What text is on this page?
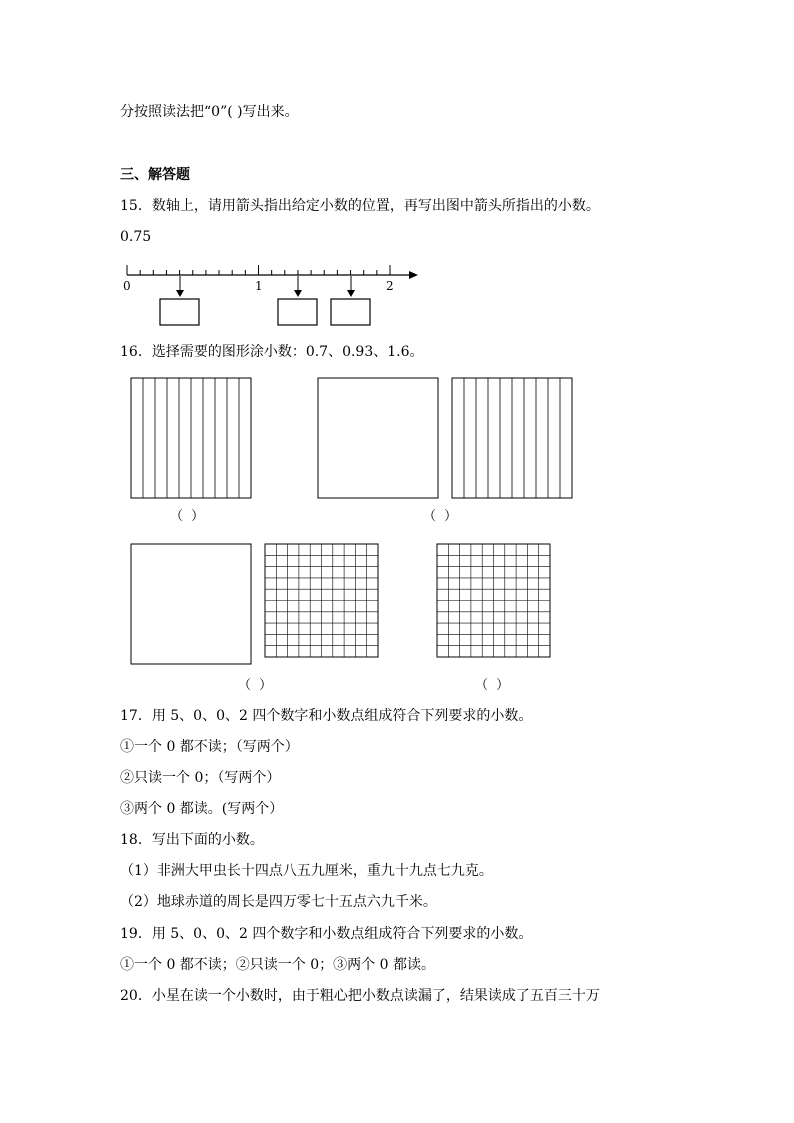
分按照读法把“0”( )写出来。
三、解答题
15．数轴上，请用箭头指出给定小数的位置，再写出图中箭头所指出的小数。
0.75
0	1	2
16．选择需要的图形涂小数：0.7、0.93、1.6。
（ ）	（ ）
（ ）	（ ）
17．用 5、0、0、2 四个数字和小数点组成符合下列要求的小数。
①一个 0 都不读；（写两个）
②只读一个 0；（写两个）
③两个 0 都读。(写两个）
18．写出下面的小数。
（1）非洲大甲虫长十四点八五九厘米，重九十九点七九克。
（2）地球赤道的周长是四万零七十五点六九千米。
19．用 5、0、0、2 四个数字和小数点组成符合下列要求的小数。
①一个 0 都不读；②只读一个 0；③两个 0 都读。
20．小星在读一个小数时，由于粗心把小数点读漏了，结果读成了五百三十万
